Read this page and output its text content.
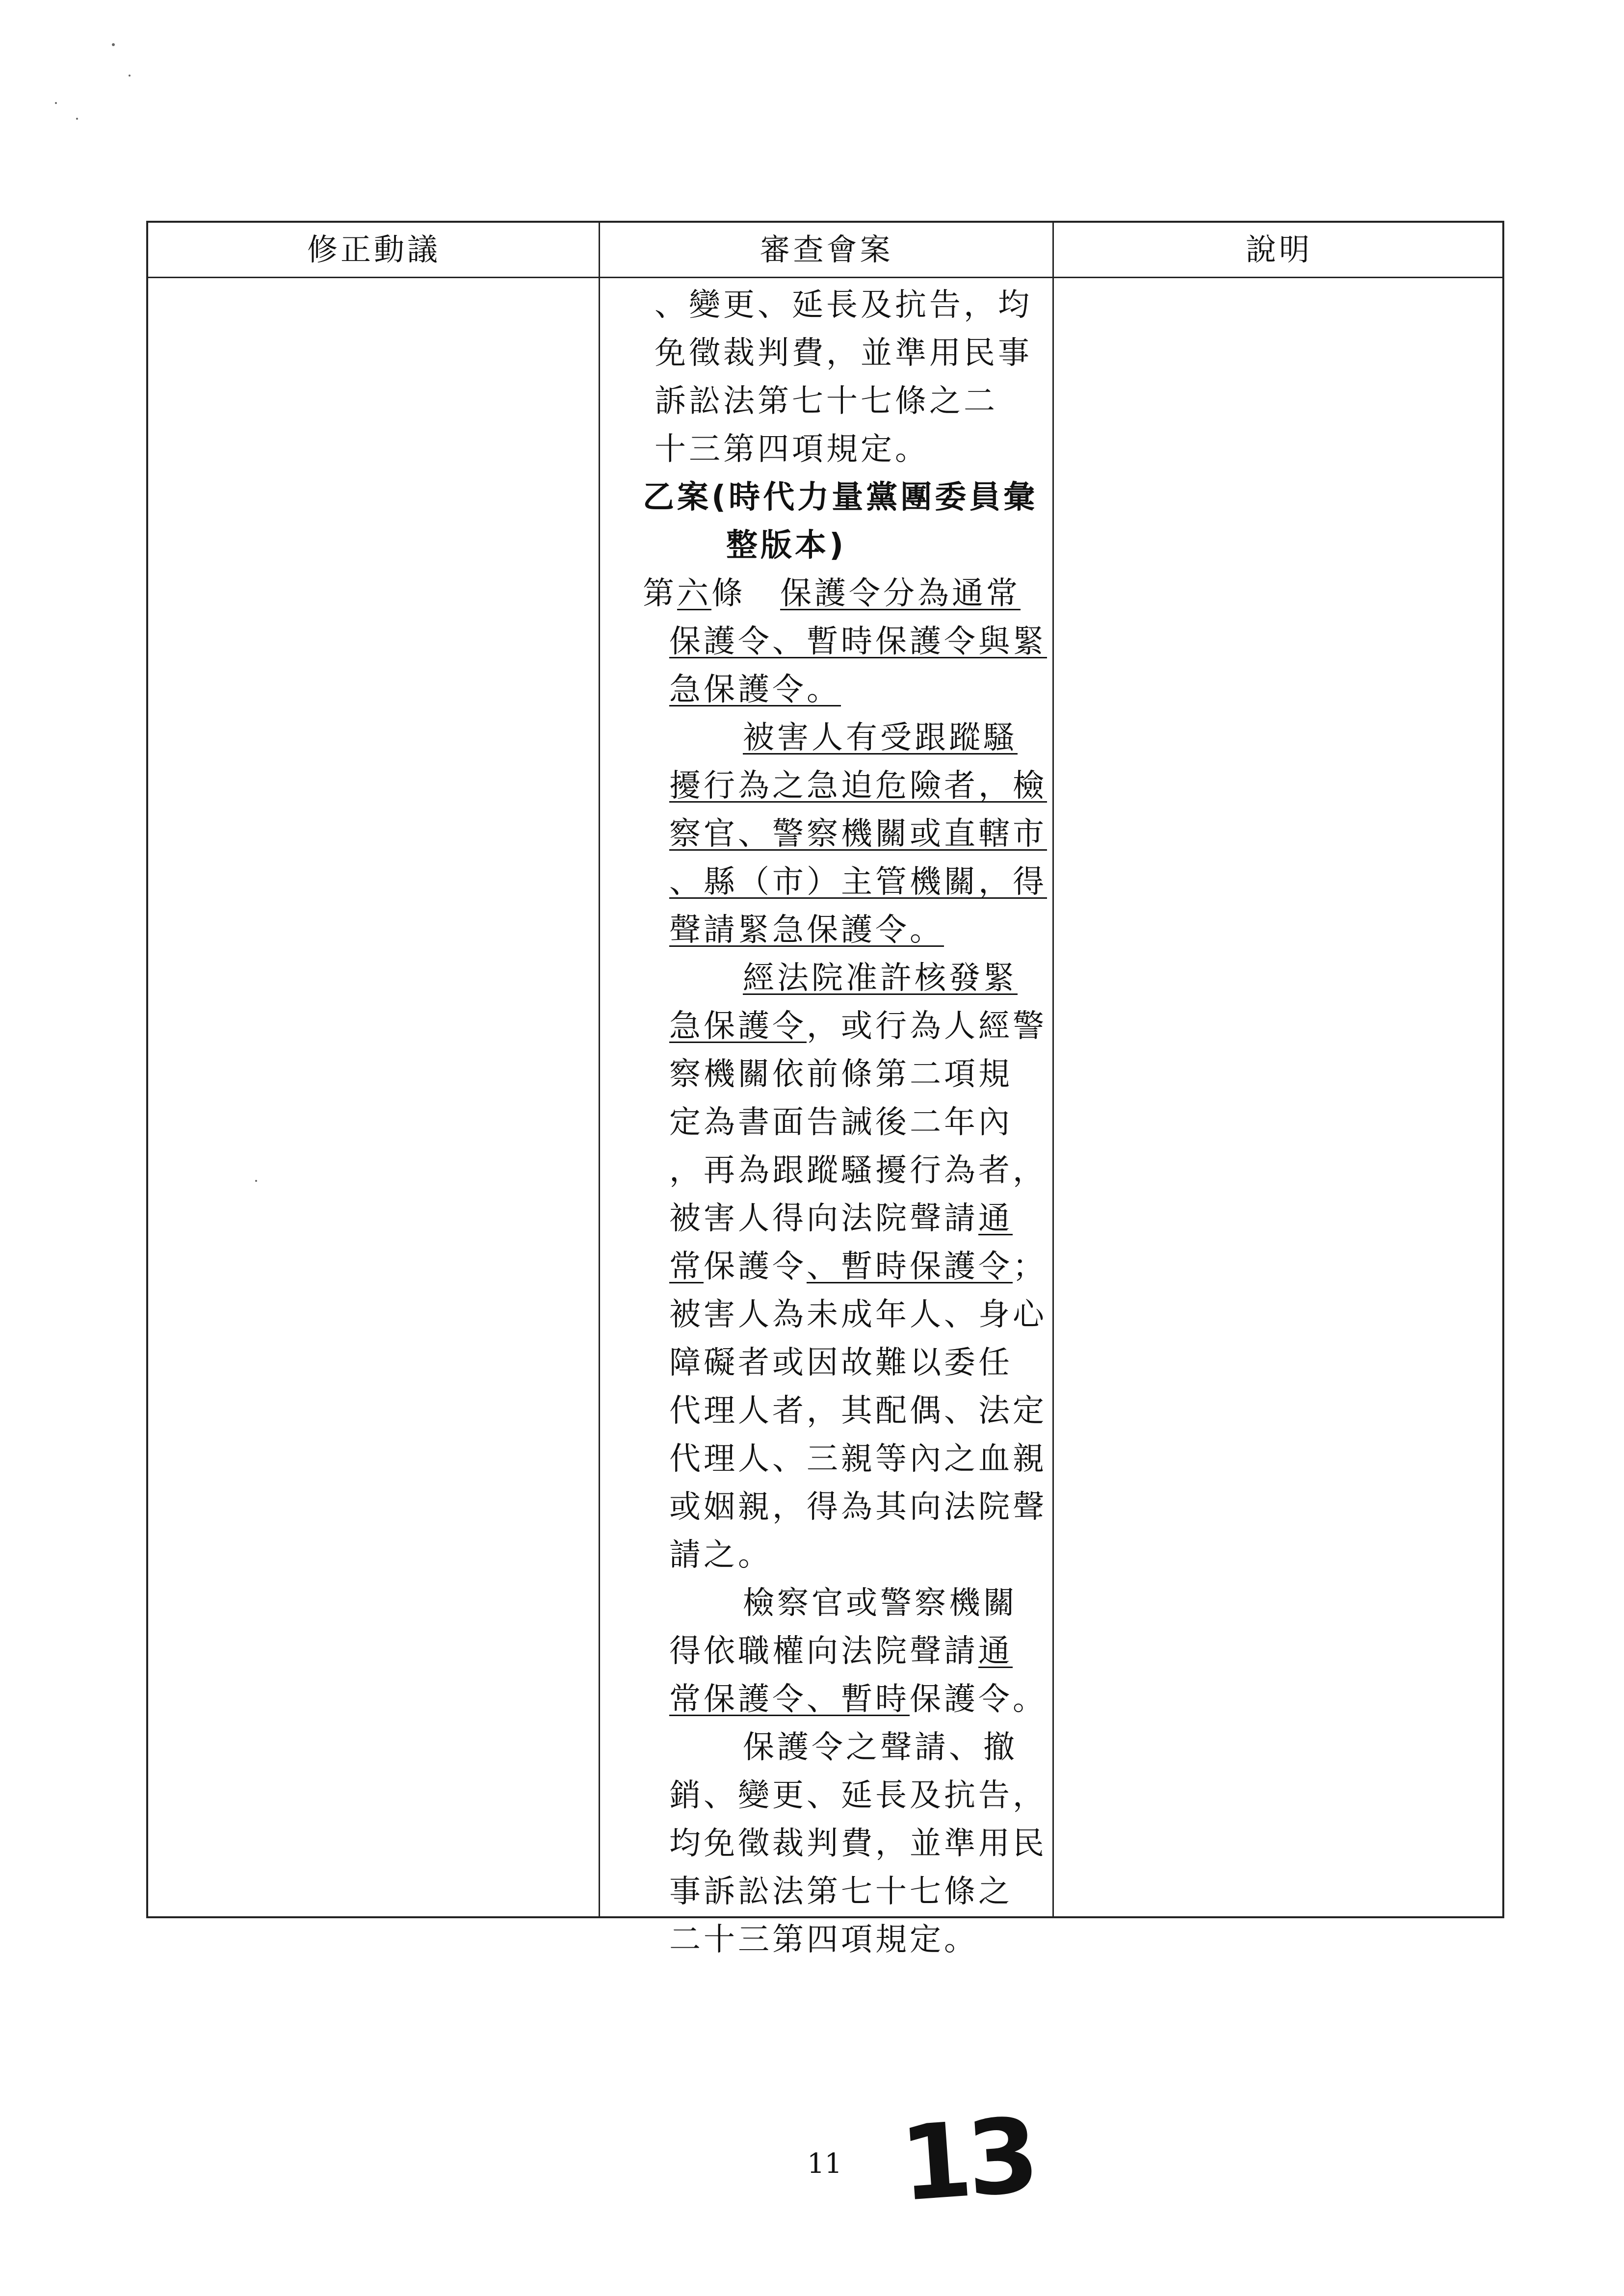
修正動議	審查會案	說明
、變更、延長及抗告，均
免徵裁判費，並準用民事
訴訟法第七十七條之二
十三第四項規定。
乙案(時代力量黨團委員彙
整版本)
第六條　保護令分為通常
保護令、暫時保護令與緊
急保護令。
被害人有受跟蹤騷
擾行為之急迫危險者，檢
察官、警察機關或直轄市
、縣（市）主管機關，得
聲請緊急保護令。
經法院准許核發緊
急保護令，或行為人經警
察機關依前條第二項規
定為書面告誡後二年內
，再為跟蹤騷擾行為者，
被害人得向法院聲請通
常保護令、暫時保護令；
被害人為未成年人、身心
障礙者或因故難以委任
代理人者，其配偶、法定
代理人、三親等內之血親
或姻親，得為其向法院聲
請之。
檢察官或警察機關
得依職權向法院聲請通
常保護令、暫時保護令。
保護令之聲請、撤
銷、變更、延長及抗告，
均免徵裁判費，並準用民
事訴訟法第七十七條之
二十三第四項規定。
11 13
